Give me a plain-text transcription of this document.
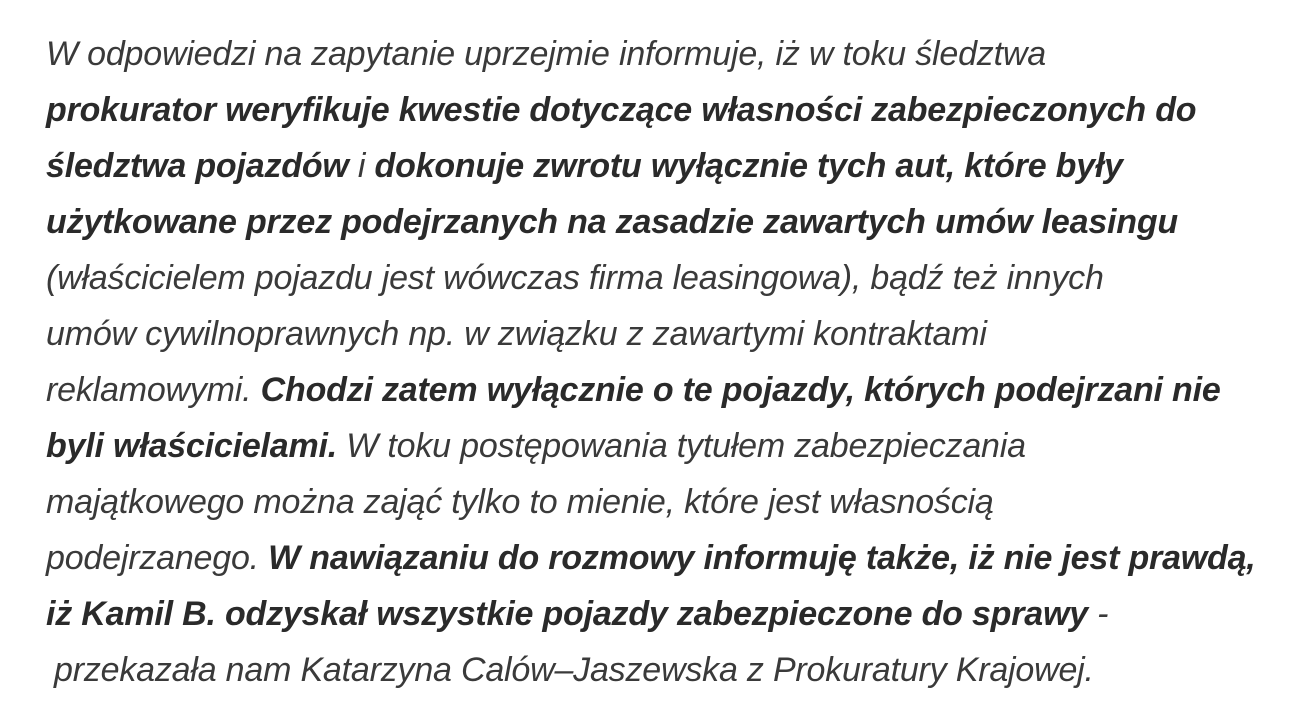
W odpowiedzi na zapytanie uprzejmie informuje, iż w toku śledztwa
prokurator weryfikuje kwestie dotyczące własności zabezpieczonych do
śledztwa pojazdów i dokonuje zwrotu wyłącznie tych aut, które były
użytkowane przez podejrzanych na zasadzie zawartych umów leasingu
(właścicielem pojazdu jest wówczas firma leasingowa), bądź też innych
umów cywilnoprawnych np. w związku z zawartymi kontraktami
reklamowymi. Chodzi zatem wyłącznie o te pojazdy, których podejrzani nie
byli właścicielami. W toku postępowania tytułem zabezpieczania
majątkowego można zająć tylko to mienie, które jest własnością
podejrzanego. W nawiązaniu do rozmowy informuję także, iż nie jest prawdą,
iż Kamil B. odzyskał wszystkie pojazdy zabezpieczone do sprawy -
przekazała nam Katarzyna Calów–Jaszewska z Prokuratury Krajowej.
